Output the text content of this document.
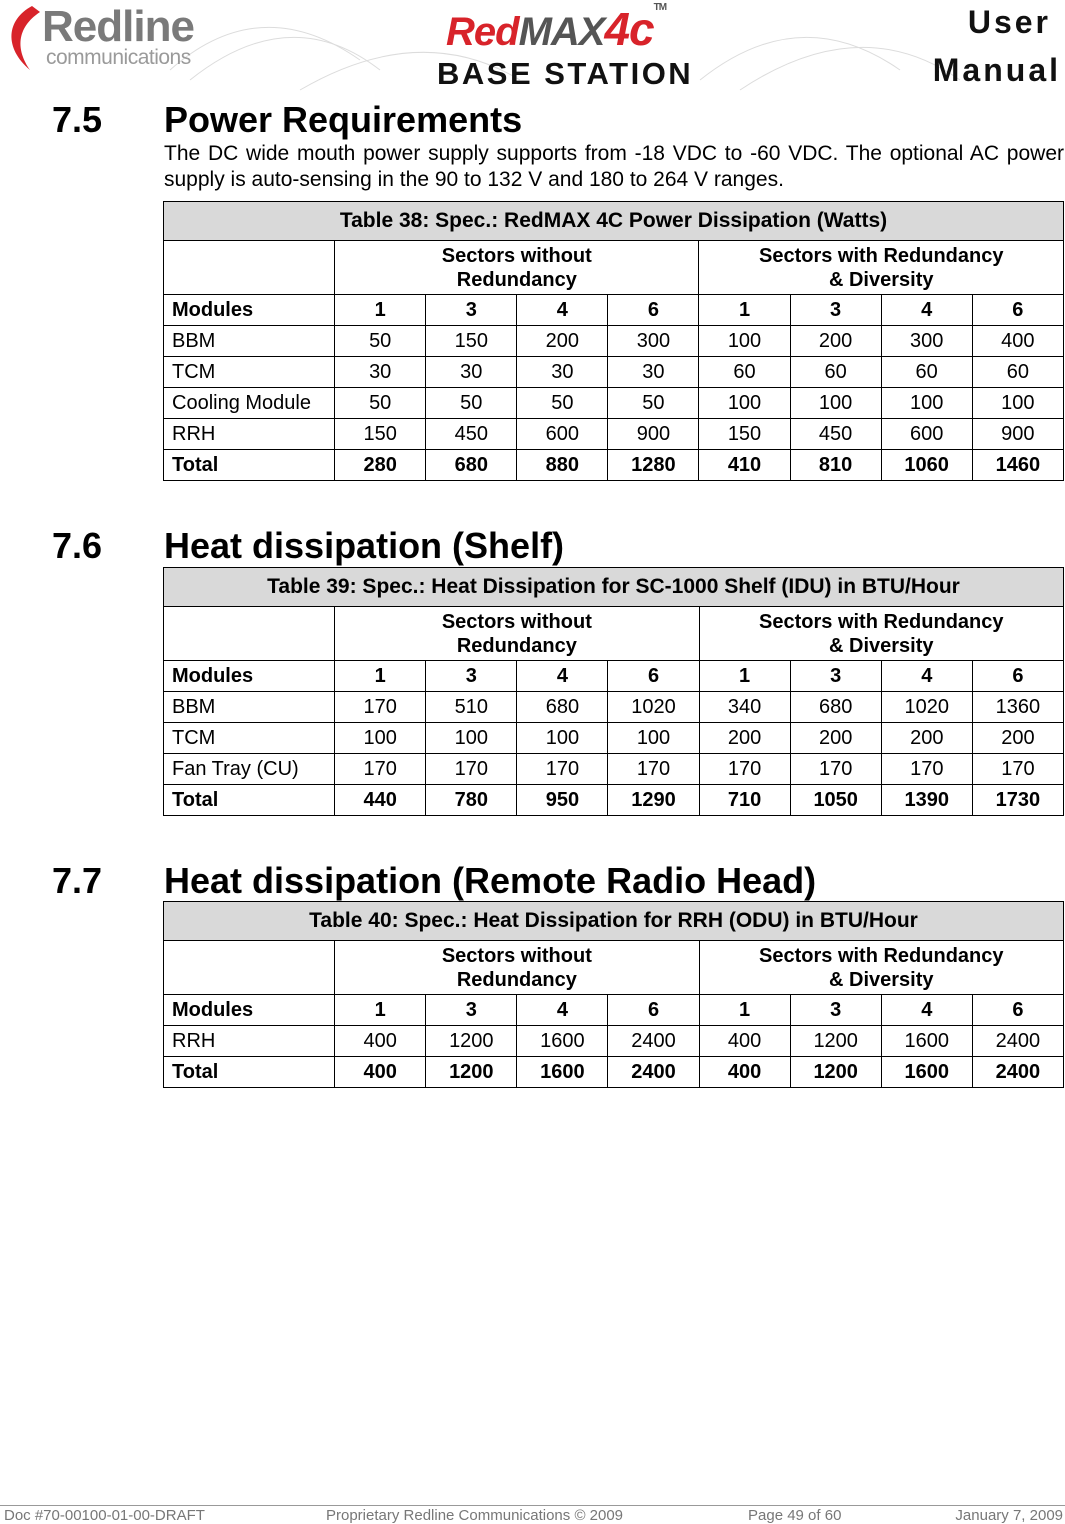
Redline
communications
RedMAX4c™
BASE STATION
User
Manual
7.5 Power Requirements
The DC wide mouth power supply supports from -18 VDC to -60 VDC. The optional AC power supply is auto-sensing in the 90 to 132 V and 180 to 264 V ranges.
Table 38: Spec.: RedMAX 4C Power Dissipation (Watts)								
	Sectors without
Redundancy				Sectors with Redundancy
& Diversity			
Modules	1	3	4	6	1	3	4	6
BBM	50	150	200	300	100	200	300	400
TCM	30	30	30	30	60	60	60	60
Cooling Module	50	50	50	50	100	100	100	100
RRH	150	450	600	900	150	450	600	900
Total	280	680	880	1280	410	810	1060	1460
7.6 Heat dissipation (Shelf)
Table 39: Spec.: Heat Dissipation for SC-1000 Shelf (IDU) in BTU/Hour								
	Sectors without
Redundancy				Sectors with Redundancy
& Diversity			
Modules	1	3	4	6	1	3	4	6
BBM	170	510	680	1020	340	680	1020	1360
TCM	100	100	100	100	200	200	200	200
Fan Tray (CU)	170	170	170	170	170	170	170	170
Total	440	780	950	1290	710	1050	1390	1730
7.7 Heat dissipation (Remote Radio Head)
Table 40: Spec.: Heat Dissipation for RRH (ODU) in BTU/Hour								
	Sectors without
Redundancy				Sectors with Redundancy
& Diversity			
Modules	1	3	4	6	1	3	4	6
RRH	400	1200	1600	2400	400	1200	1600	2400
Total	400	1200	1600	2400	400	1200	1600	2400
Doc #70-00100-01-00-DRAFT	Proprietary Redline Communications © 2009	Page 49 of 60	January 7, 2009
